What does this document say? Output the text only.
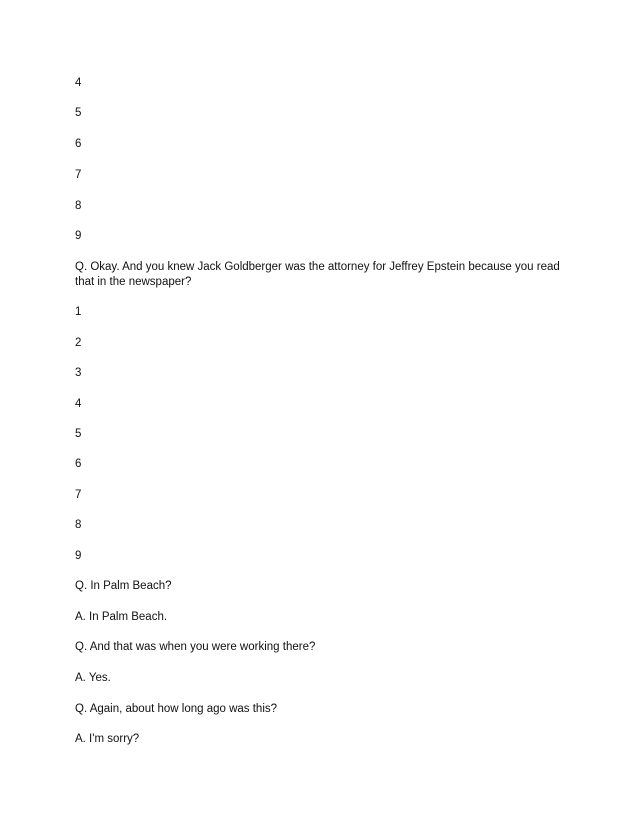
4
5
6
7
8
9
Q. Okay. And you knew Jack Goldberger was the attorney for Jeffrey Epstein because you read that in the newspaper?
1
2
3
4
5
6
7
8
9
Q. In Palm Beach?
A. In Palm Beach.
Q. And that was when you were working there?
A. Yes.
Q. Again, about how long ago was this?
A. I'm sorry?
